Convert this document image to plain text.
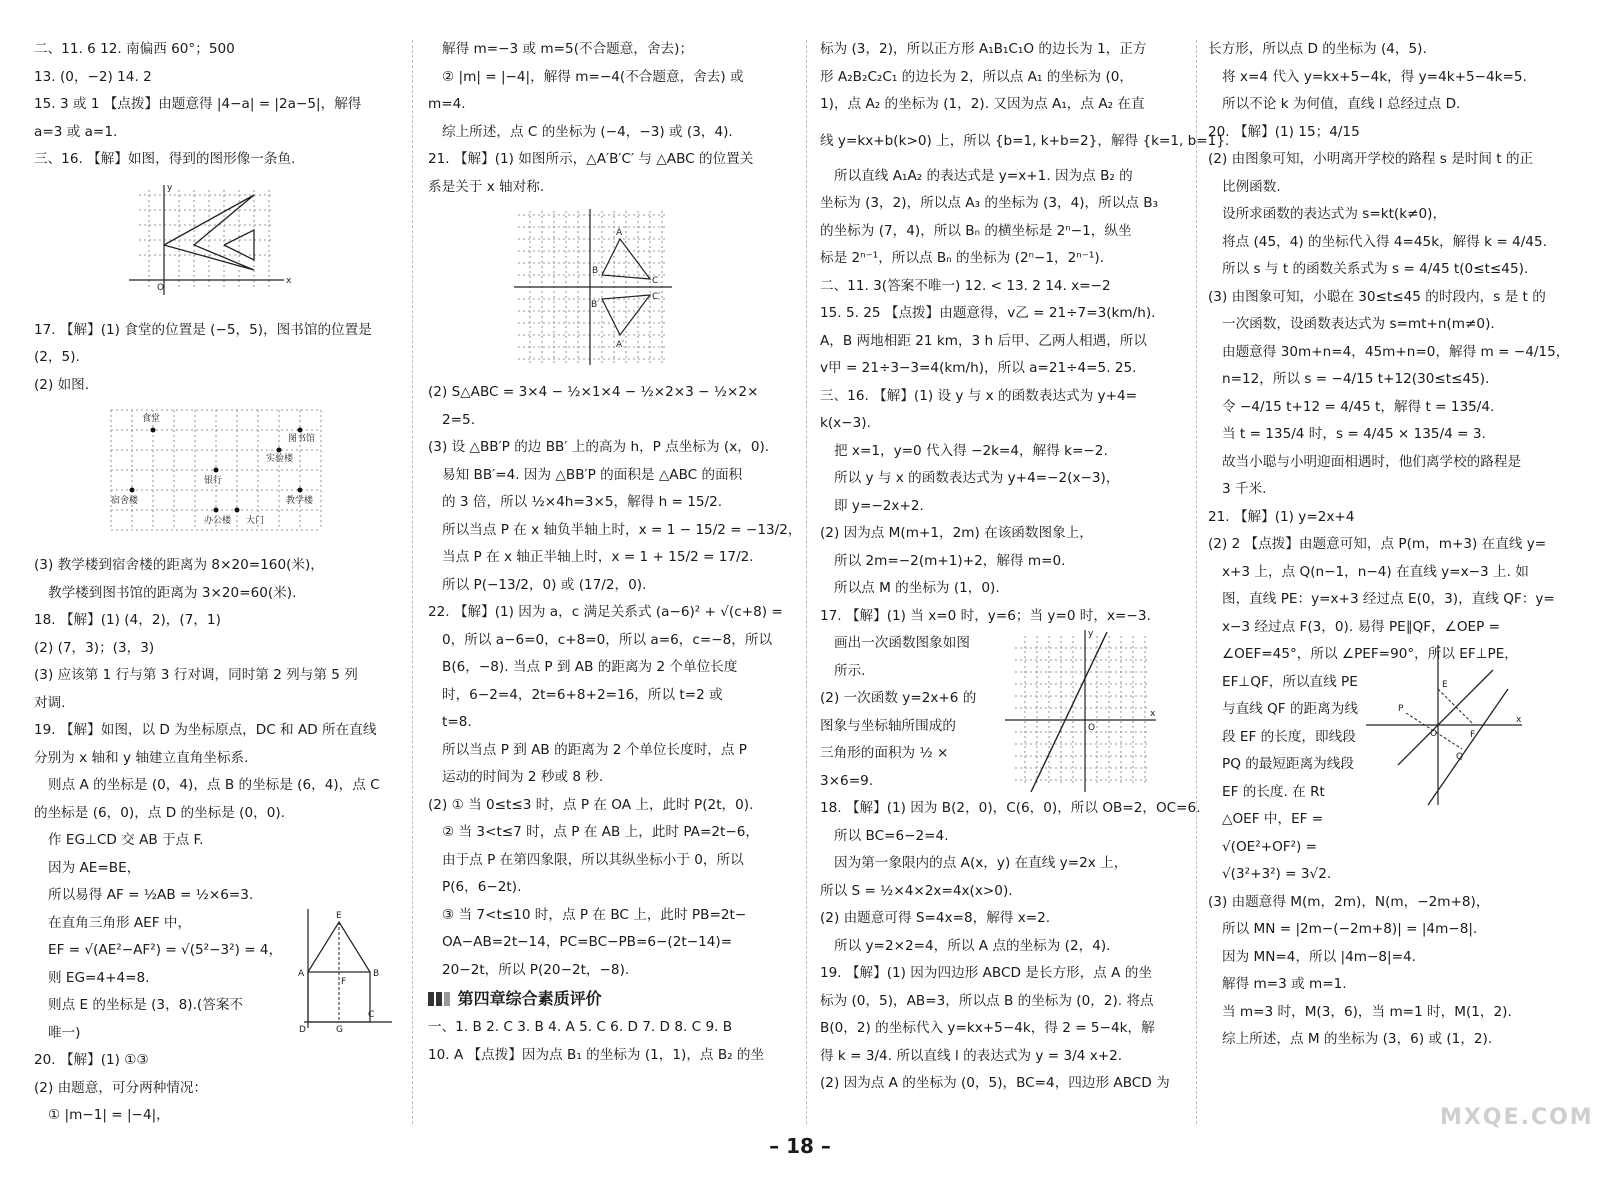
二、11. 6 12. 南偏西 60°；500
13. (0，−2) 14. 2
15. 3 或 1 【点拨】由题意得 |4−a| = |2a−5|，解得
a=3 或 a=1.
三、16. 【解】如图，得到的图形像一条鱼.
O
x
y
17. 【解】(1) 食堂的位置是 (−5，5)，图书馆的位置是
(2，5).
(2) 如图.
食堂
图书馆
实验楼
银行
宿舍楼	教学楼
办公楼 大门
(3) 教学楼到宿舍楼的距离为 8×20=160(米)，
教学楼到图书馆的距离为 3×20=60(米).
18. 【解】(1) (4，2)，(7，1)
(2) (7，3)；(3，3)
(3) 应该第 1 行与第 3 行对调，同时第 2 列与第 5 列
对调.
19. 【解】如图，以 D 为坐标原点，DC 和 AD 所在直线
分别为 x 轴和 y 轴建立直角坐标系.
则点 A 的坐标是 (0，4)，点 B 的坐标是 (6，4)，点 C
的坐标是 (6，0)，点 D 的坐标是 (0，0).
作 EG⊥CD 交 AB 于点 F.
因为 AE=BE，
所以易得 AF = ½AB = ½×6=3.
在直角三角形 AEF 中，
EF = √(AE²−AF²) = √(5²−3²) = 4，
则 EG=4+4=8.
则点 E 的坐标是 (3，8).(答案不
唯一)
E
A	B
F
D	G
C
20. 【解】(1) ①③
(2) 由题意，可分两种情况：
① |m−1| = |−4|，
解得 m=−3 或 m=5(不合题意，舍去)；
② |m| = |−4|，解得 m=−4(不合题意，舍去) 或
m=4.
综上所述，点 C 的坐标为 (−4，−3) 或 (3，4).
21. 【解】(1) 如图所示，△A′B′C′ 与 △ABC 的位置关
系是关于 x 轴对称.
A
B
C
A′
B′
C′
(2) S△ABC = 3×4 − ½×1×4 − ½×2×3 − ½×2×
2=5.
(3) 设 △BB′P 的边 BB′ 上的高为 h，P 点坐标为 (x，0).
易知 BB′=4. 因为 △BB′P 的面积是 △ABC 的面积
的 3 倍，所以 ½×4h=3×5，解得 h = 15/2.
所以当点 P 在 x 轴负半轴上时，x = 1 − 15/2 = −13/2，
当点 P 在 x 轴正半轴上时，x = 1 + 15/2 = 17/2.
所以 P(−13/2，0) 或 (17/2，0).
22. 【解】(1) 因为 a，c 满足关系式 (a−6)² + √(c+8) =
0，所以 a−6=0，c+8=0，所以 a=6，c=−8，所以
B(6，−8). 当点 P 到 AB 的距离为 2 个单位长度
时，6−2=4，2t=6+8+2=16，所以 t=2 或
t=8.
所以当点 P 到 AB 的距离为 2 个单位长度时，点 P
运动的时间为 2 秒或 8 秒.
(2) ① 当 0≤t≤3 时，点 P 在 OA 上，此时 P(2t，0).
② 当 3<t≤7 时，点 P 在 AB 上，此时 PA=2t−6，
由于点 P 在第四象限，所以其纵坐标小于 0，所以
P(6，6−2t).
③ 当 7<t≤10 时，点 P 在 BC 上，此时 PB=2t−
OA−AB=2t−14，PC=BC−PB=6−(2t−14)=
20−2t，所以 P(20−2t，−8).
第四章综合素质评价
一、1. B 2. C 3. B 4. A 5. C 6. D 7. D 8. C 9. B
10. A 【点拨】因为点 B₁ 的坐标为 (1，1)，点 B₂ 的坐
标为 (3，2)，所以正方形 A₁B₁C₁O 的边长为 1，正方
形 A₂B₂C₂C₁ 的边长为 2，所以点 A₁ 的坐标为 (0，
1)，点 A₂ 的坐标为 (1，2). 又因为点 A₁，点 A₂ 在直
线 y=kx+b(k>0) 上，所以 {b=1, k+b=2}，解得 {k=1, b=1}.
所以直线 A₁A₂ 的表达式是 y=x+1. 因为点 B₂ 的
坐标为 (3，2)，所以点 A₃ 的坐标为 (3，4)，所以点 B₃
的坐标为 (7，4)，所以 Bₙ 的横坐标是 2ⁿ−1，纵坐
标是 2ⁿ⁻¹，所以点 Bₙ 的坐标为 (2ⁿ−1，2ⁿ⁻¹).
二、11. 3(答案不唯一) 12. < 13. 2 14. x=−2
15. 5. 25 【点拨】由题意得，v乙 = 21÷7=3(km/h).
A，B 两地相距 21 km，3 h 后甲、乙两人相遇，所以
v甲 = 21÷3−3=4(km/h)，所以 a=21÷4=5. 25.
三、16. 【解】(1) 设 y 与 x 的函数表达式为 y+4=
k(x−3).
把 x=1，y=0 代入得 −2k=4，解得 k=−2.
所以 y 与 x 的函数表达式为 y+4=−2(x−3)，
即 y=−2x+2.
(2) 因为点 M(m+1，2m) 在该函数图象上，
所以 2m=−2(m+1)+2，解得 m=0.
所以点 M 的坐标为 (1，0).
17. 【解】(1) 当 x=0 时，y=6；当 y=0 时，x=−3.
画出一次函数图象如图
所示.
(2) 一次函数 y=2x+6 的
图象与坐标轴所围成的
三角形的面积为 ½ ×
3×6=9.
O
x
y
18. 【解】(1) 因为 B(2，0)，C(6，0)，所以 OB=2，OC=6.
所以 BC=6−2=4.
因为第一象限内的点 A(x，y) 在直线 y=2x 上，
所以 S = ½×4×2x=4x(x>0).
(2) 由题意可得 S=4x=8，解得 x=2.
所以 y=2×2=4，所以 A 点的坐标为 (2，4).
19. 【解】(1) 因为四边形 ABCD 是长方形，点 A 的坐
标为 (0，5)，AB=3，所以点 B 的坐标为 (0，2). 将点
B(0，2) 的坐标代入 y=kx+5−4k，得 2 = 5−4k，解
得 k = 3/4. 所以直线 l 的表达式为 y = 3/4 x+2.
(2) 因为点 A 的坐标为 (0，5)，BC=4，四边形 ABCD 为
长方形，所以点 D 的坐标为 (4，5).
将 x=4 代入 y=kx+5−4k，得 y=4k+5−4k=5.
所以不论 k 为何值，直线 l 总经过点 D.
20. 【解】(1) 15；4/15
(2) 由图象可知，小明离开学校的路程 s 是时间 t 的正
比例函数.
设所求函数的表达式为 s=kt(k≠0)，
将点 (45，4) 的坐标代入得 4=45k，解得 k = 4/45.
所以 s 与 t 的函数关系式为 s = 4/45 t(0≤t≤45).
(3) 由图象可知，小聪在 30≤t≤45 的时段内，s 是 t 的
一次函数，设函数表达式为 s=mt+n(m≠0).
由题意得 30m+n=4，45m+n=0，解得 m = −4/15，
n=12，所以 s = −4/15 t+12(30≤t≤45).
令 −4/15 t+12 = 4/45 t，解得 t = 135/4.
当 t = 135/4 时，s = 4/45 × 135/4 = 3.
故当小聪与小明迎面相遇时，他们离学校的路程是
3 千米.
21. 【解】(1) y=2x+4
(2) 2 【点拨】由题意可知，点 P(m，m+3) 在直线 y=
x+3 上，点 Q(n−1，n−4) 在直线 y=x−3 上. 如
图，直线 PE：y=x+3 经过点 E(0，3)，直线 QF：y=
x−3 经过点 F(3，0). 易得 PE∥QF，∠OEP =
∠OEF=45°，所以 ∠PEF=90°，所以 EF⊥PE，
EF⊥QF，所以直线 PE
与直线 QF 的距离为线
段 EF 的长度，即线段
PQ 的最短距离为线段
EF 的长度. 在 Rt
△OEF 中，EF =
√(OE²+OF²) =
√(3²+3²) = 3√2.
P
E
O	F
Q
x
(3) 由题意得 M(m，2m)，N(m，−2m+8)，
所以 MN = |2m−(−2m+8)| = |4m−8|.
因为 MN=4，所以 |4m−8|=4.
解得 m=3 或 m=1.
当 m=3 时，M(3，6)，当 m=1 时，M(1，2).
综上所述，点 M 的坐标为 (3，6) 或 (1，2).
– 18 –
MXQE.COM
